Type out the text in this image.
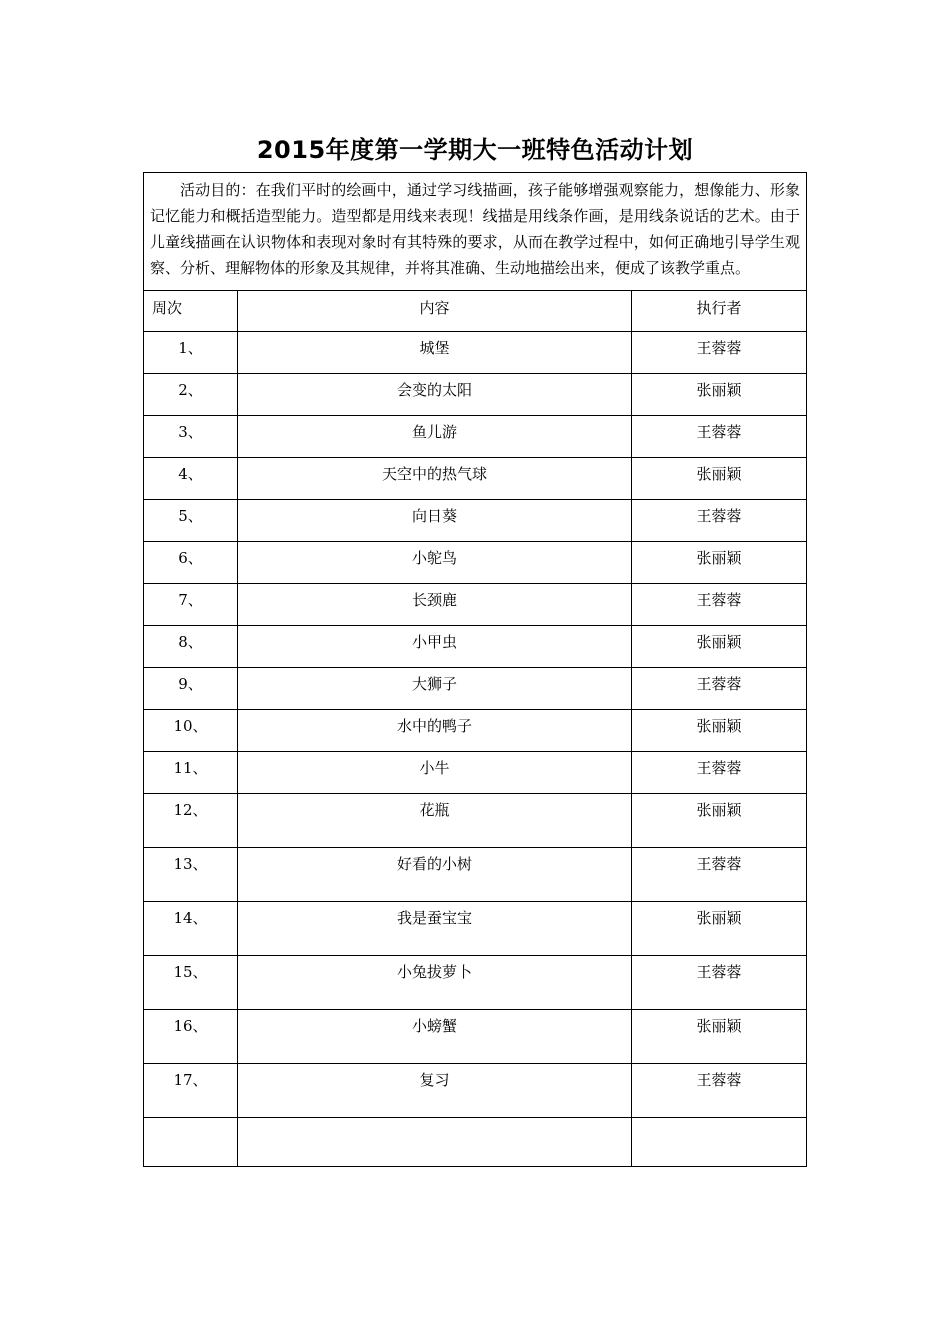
2015年度第一学期大一班特色活动计划
活动目的：在我们平时的绘画中，通过学习线描画，孩子能够增强观察能力，想像能力、形象记忆能力和概括造型能力。造型都是用线来表现！线描是用线条作画，是用线条说话的艺术。由于儿童线描画在认识物体和表现对象时有其特殊的要求，从而在教学过程中，如何正确地引导学生观察、分析、理解物体的形象及其规律，并将其准确、生动地描绘出来，便成了该教学重点。		
周次	内容	执行者
1、	城堡	王蓉蓉
2、	会变的太阳	张丽颖
3、	鱼儿游	王蓉蓉
4、	天空中的热气球	张丽颖
5、	向日葵	王蓉蓉
6、	小鸵鸟	张丽颖
7、	长颈鹿	王蓉蓉
8、	小甲虫	张丽颖
9、	大狮子	王蓉蓉
10、	水中的鸭子	张丽颖
11、	小牛	王蓉蓉
12、	花瓶	张丽颖
13、	好看的小树	王蓉蓉
14、	我是蚕宝宝	张丽颖
15、	小兔拔萝卜	王蓉蓉
16、	小螃蟹	张丽颖
17、	复习	王蓉蓉
